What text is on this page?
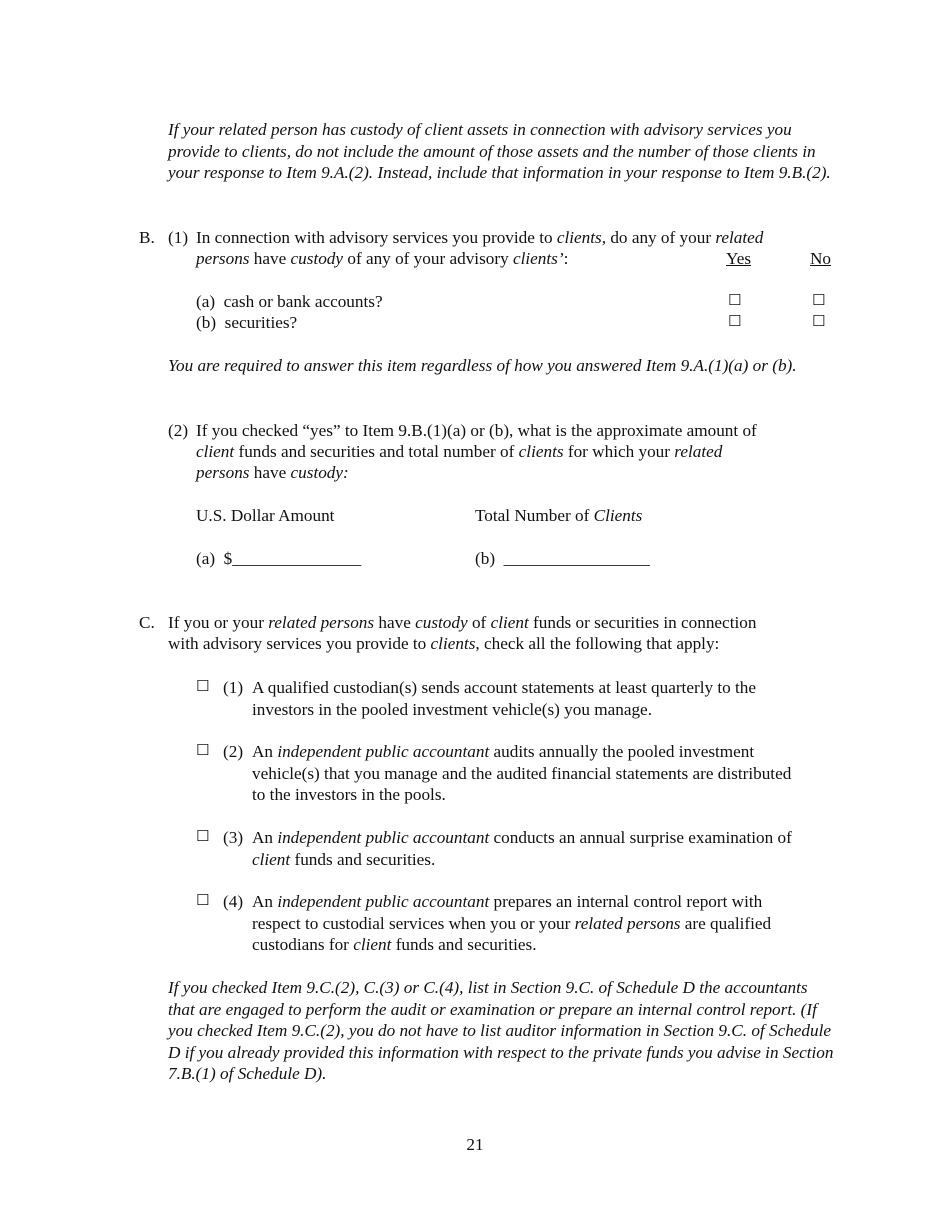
If your related person has custody of client assets in connection with advisory services you provide to clients, do not include the amount of those assets and the number of those clients in your response to Item 9.A.(2). Instead, include that information in your response to Item 9.B.(2).

B. (1) In connection with advisory services you provide to clients, do any of your related
persons have custody of any of your advisory clients’:	Yes	No
(a)  cash or bank accounts?	☐	☐
(b)  securities?	☐	☐

You are required to answer this item regardless of how you answered Item 9.A.(1)(a) or (b).

(2) If you checked “yes” to Item 9.B.(1)(a) or (b), what is the approximate amount of
client funds and securities and total number of clients for which your related
persons have custody:
U.S. Dollar Amount	Total Number of Clients
(a)  $_______________	(b)  _________________
C. If you or your related persons have custody of client funds or securities in connection
with advisory services you provide to clients, check all the following that apply:
☐ (1) A qualified custodian(s) sends account statements at least quarterly to the
investors in the pooled investment vehicle(s) you manage.
☐ (2) An independent public accountant audits annually the pooled investment
vehicle(s) that you manage and the audited financial statements are distributed
to the investors in the pools.
☐ (3) An independent public accountant conducts an annual surprise examination of
client funds and securities.
☐ (4) An independent public accountant prepares an internal control report with
respect to custodial services when you or your related persons are qualified
custodians for client funds and securities.

If you checked Item 9.C.(2), C.(3) or C.(4), list in Section 9.C. of Schedule D the accountants that are engaged to perform the audit or examination or prepare an internal control report. (If you checked Item 9.C.(2), you do not have to list auditor information in Section 9.C. of Schedule D if you already provided this information with respect to the private funds you advise in Section 7.B.(1) of Schedule D).

21
